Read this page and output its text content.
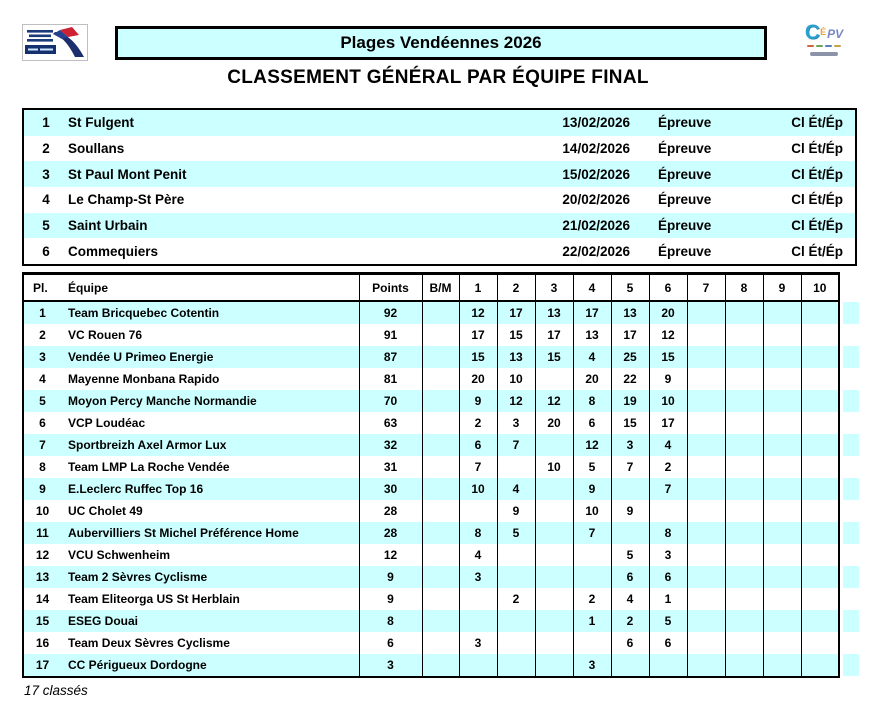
Plages Vendéennes 2026	C É PV
CLASSEMENT GÉNÉRAL PAR ÉQUIPE FINAL
1	St Fulgent	13/02/2026	Épreuve	Cl Ét/Ép
2	Soullans	14/02/2026	Épreuve	Cl Ét/Ép
3	St Paul Mont Penit	15/02/2026	Épreuve	Cl Ét/Ép
4	Le Champ-St Père	20/02/2026	Épreuve	Cl Ét/Ép
5	Saint Urbain	21/02/2026	Épreuve	Cl Ét/Ép
6	Commequiers	22/02/2026	Épreuve	Cl Ét/Ép
Pl.	Équipe	Points	B/M	1	2	3	4	5	6	7	8	9	10
1	Team Bricquebec Cotentin	92		12	17	13	17	13	20				
2	VC Rouen 76	91		17	15	17	13	17	12				
3	Vendée U Primeo Energie	87		15	13	15	4	25	15				
4	Mayenne Monbana Rapido	81		20	10		20	22	9				
5	Moyon Percy Manche Normandie	70		9	12	12	8	19	10				
6	VCP Loudéac	63		2	3	20	6	15	17				
7	Sportbreizh Axel Armor Lux	32		6	7		12	3	4				
8	Team LMP La Roche Vendée	31		7		10	5	7	2				
9	E.Leclerc Ruffec Top 16	30		10	4		9		7				
10	UC Cholet 49	28			9		10	9					
11	Aubervilliers St Michel Préférence Home	28		8	5		7		8				
12	VCU Schwenheim	12		4				5	3				
13	Team 2 Sèvres Cyclisme	9		3				6	6				
14	Team Eliteorga US St Herblain	9			2		2	4	1				
15	ESEG Douai	8					1	2	5				
16	Team Deux Sèvres Cyclisme	6		3				6	6				
17	CC Périgueux Dordogne	3					3						
17 classés
